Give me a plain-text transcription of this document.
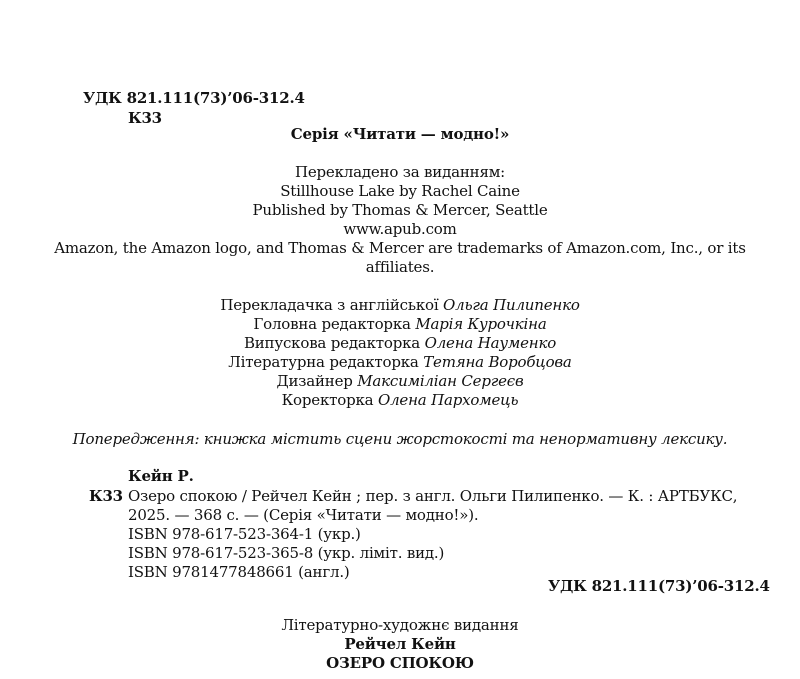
УДК 821.111(73)’06-312.4
К33
Серія «Читати — модно!»
Перекладено за виданням:
Stillhouse Lake by Rachel Caine
Published by Thomas & Mercer, Seattle
www.apub.com
Amazon, the Amazon logo, and Thomas & Mercer are trademarks of Amazon.com, Inc., or its
affiliates.
Перекладачка з англійської Ольга Пилипенко
Головна редакторка Марія Курочкіна
Випускова редакторка Олена Науменко
Літературна редакторка Тетяна Воробцова
Дизайнер Максиміліан Сергеєв
Коректорка Олена Пархомець
Попередження: книжка містить сцени жорстокості та ненормативну лексику.
Кейн Р.
К33 Озеро спокою / Рейчел Кейн ; пер. з англ. Ольги Пилипенко. — К. : АРТБУКС,
2025. — 368 с. — (Серія «Читати — модно!»).
ISBN 978-617-523-364-1 (укр.)
ISBN 978-617-523-365-8 (укр. ліміт. вид.)
ISBN 9781477848661 (англ.)
УДК 821.111(73)’06-312.4
Літературно-художнє видання
Рейчел Кейн
ОЗЕРО СПОКОЮ
